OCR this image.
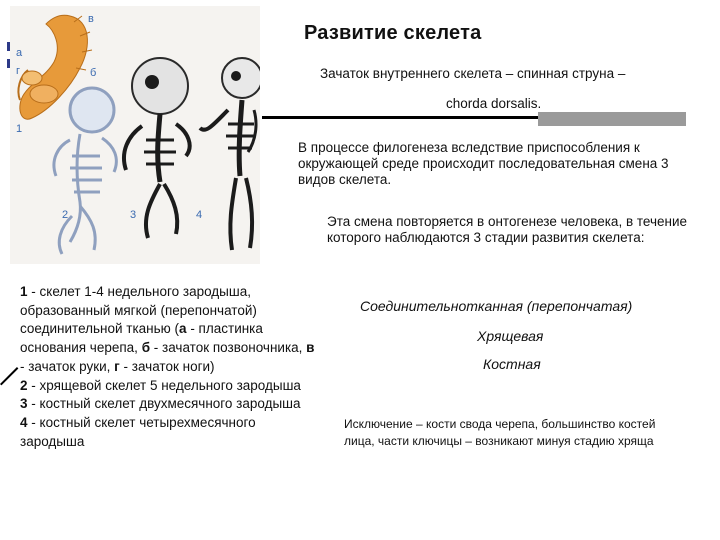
в
а
г	б
1
2	3	4
Развитие скелета
Зачаток внутреннего скелета – спинная струна –
chorda dorsalis.
В процессе филогенеза вследствие приспособления к окружающей среде происходит последовательная смена 3 видов скелета.
Эта смена повторяется в онтогенезе человека, в течение которого наблюдаются 3 стадии развития скелета:
1 - скелет 1-4 недельного зародыша, образованный мягкой (перепончатой) соединительной тканью (а - пластинка основания черепа, б - зачаток позвоночника, в - зачаток руки, г - зачаток ноги)
2 - хрящевой скелет 5 недельного зародыша
3 - костный скелет двухмесячного зародыша
4 - костный скелет четырехмесячного зародыша
Соединительнотканная (перепончатая)
Хрящевая
Костная
Исключение – кости свода черепа, большинство костей лица, части ключицы – возникают минуя стадию хряща
